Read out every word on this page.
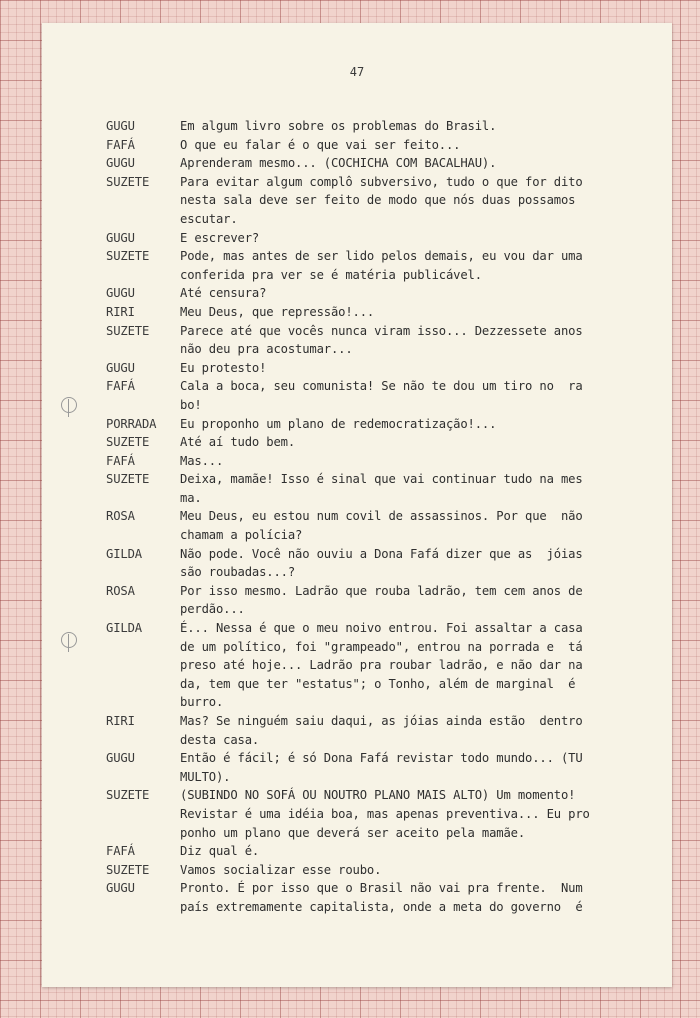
47
GUGU	Em algum livro sobre os problemas do Brasil.
FAFÁ	O que eu falar é o que vai ser feito...
GUGU	Aprenderam mesmo... (COCHICHA COM BACALHAU).
SUZETE	Para evitar algum complô subversivo, tudo o que for dito
nesta sala deve ser feito de modo que nós duas possamos
escutar.
GUGU	E escrever?
SUZETE	Pode, mas antes de ser lido pelos demais, eu vou dar uma
conferida pra ver se é matéria publicável.
GUGU	Até censura?
RIRI	Meu Deus, que repressão!...
SUZETE	Parece até que vocês nunca viram isso... Dezzessete anos
não deu pra acostumar...
GUGU	Eu protesto!
FAFÁ	Cala a boca, seu comunista! Se não te dou um tiro no  ra
bo!
PORRADA	Eu proponho um plano de redemocratização!...
SUZETE	Até aí tudo bem.
FAFÁ	Mas...
SUZETE	Deixa, mamãe! Isso é sinal que vai continuar tudo na mes
ma.
ROSA	Meu Deus, eu estou num covil de assassinos. Por que  não
chamam a polícia?
GILDA	Não pode. Você não ouviu a Dona Fafá dizer que as  jóias
são roubadas...?
ROSA	Por isso mesmo. Ladrão que rouba ladrão, tem cem anos de
perdão...
GILDA	É... Nessa é que o meu noivo entrou. Foi assaltar a casa
de um político, foi "grampeado", entrou na porrada e  tá
preso até hoje... Ladrão pra roubar ladrão, e não dar na
da, tem que ter "estatus"; o Tonho, além de marginal  é
burro.
RIRI	Mas? Se ninguém saiu daqui, as jóias ainda estão  dentro
desta casa.
GUGU	Então é fácil; é só Dona Fafá revistar todo mundo... (TU
MULTO).
SUZETE	(SUBINDO NO SOFÁ OU NOUTRO PLANO MAIS ALTO) Um momento!
Revistar é uma idéia boa, mas apenas preventiva... Eu pro
ponho um plano que deverá ser aceito pela mamãe.
FAFÁ	Diz qual é.
SUZETE	Vamos socializar esse roubo.
GUGU	Pronto. É por isso que o Brasil não vai pra frente.  Num
país extremamente capitalista, onde a meta do governo  é
